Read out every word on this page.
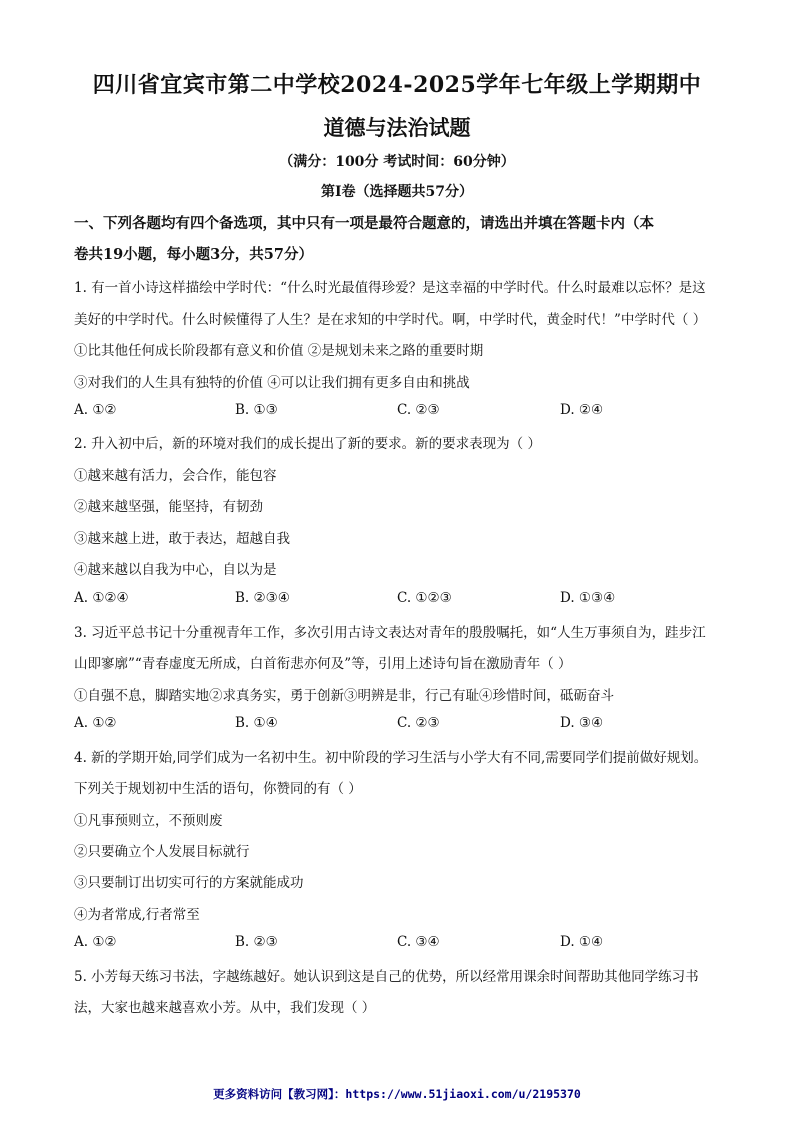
四川省宜宾市第二中学校2024-2025学年七年级上学期期中
道德与法治试题
（满分：100分 考试时间：60分钟）
第Ⅰ卷（选择题共57分）
一、下列各题均有四个备选项，其中只有一项是最符合题意的，请选出并填在答题卡内（本
卷共19小题，每小题3分，共57分）
1. 有一首小诗这样描绘中学时代：“什么时光最值得珍爱？是这幸福的中学时代。什么时最难以忘怀？是这
美好的中学时代。什么时候懂得了人生？是在求知的中学时代。啊，中学时代，黄金时代！”中学时代（ ）
①比其他任何成长阶段都有意义和价值 ②是规划未来之路的重要时期
③对我们的人生具有独特的价值 ④可以让我们拥有更多自由和挑战
A. ①②	B. ①③	C. ②③	D. ②④
2. 升入初中后，新的环境对我们的成长提出了新的要求。新的要求表现为（ ）
①越来越有活力，会合作，能包容
②越来越坚强，能坚持，有韧劲
③越来越上进，敢于表达，超越自我
④越来越以自我为中心，自以为是
A. ①②④	B. ②③④	C. ①②③	D. ①③④
3. 习近平总书记十分重视青年工作，多次引用古诗文表达对青年的殷殷嘱托，如“人生万事须自为，跬步江
山即寥廓”“青春虚度无所成，白首衔悲亦何及”等，引用上述诗句旨在激励青年（ ）
①自强不息，脚踏实地②求真务实，勇于创新③明辨是非，行己有耻④珍惜时间，砥砺奋斗
A. ①②	B. ①④	C. ②③	D. ③④
4. 新的学期开始,同学们成为一名初中生。初中阶段的学习生活与小学大有不同,需要同学们提前做好规划。
下列关于规划初中生活的语句，你赞同的有（ ）
①凡事预则立，不预则废
②只要确立个人发展目标就行
③只要制订出切实可行的方案就能成功
④为者常成,行者常至
A. ①②	B. ②③	C. ③④	D. ①④
5. 小芳每天练习书法，字越练越好。她认识到这是自己的优势，所以经常用课余时间帮助其他同学练习书
法，大家也越来越喜欢小芳。从中，我们发现（ ）
更多资料访问【教习网】：https://www.51jiaoxi.com/u/2195370
